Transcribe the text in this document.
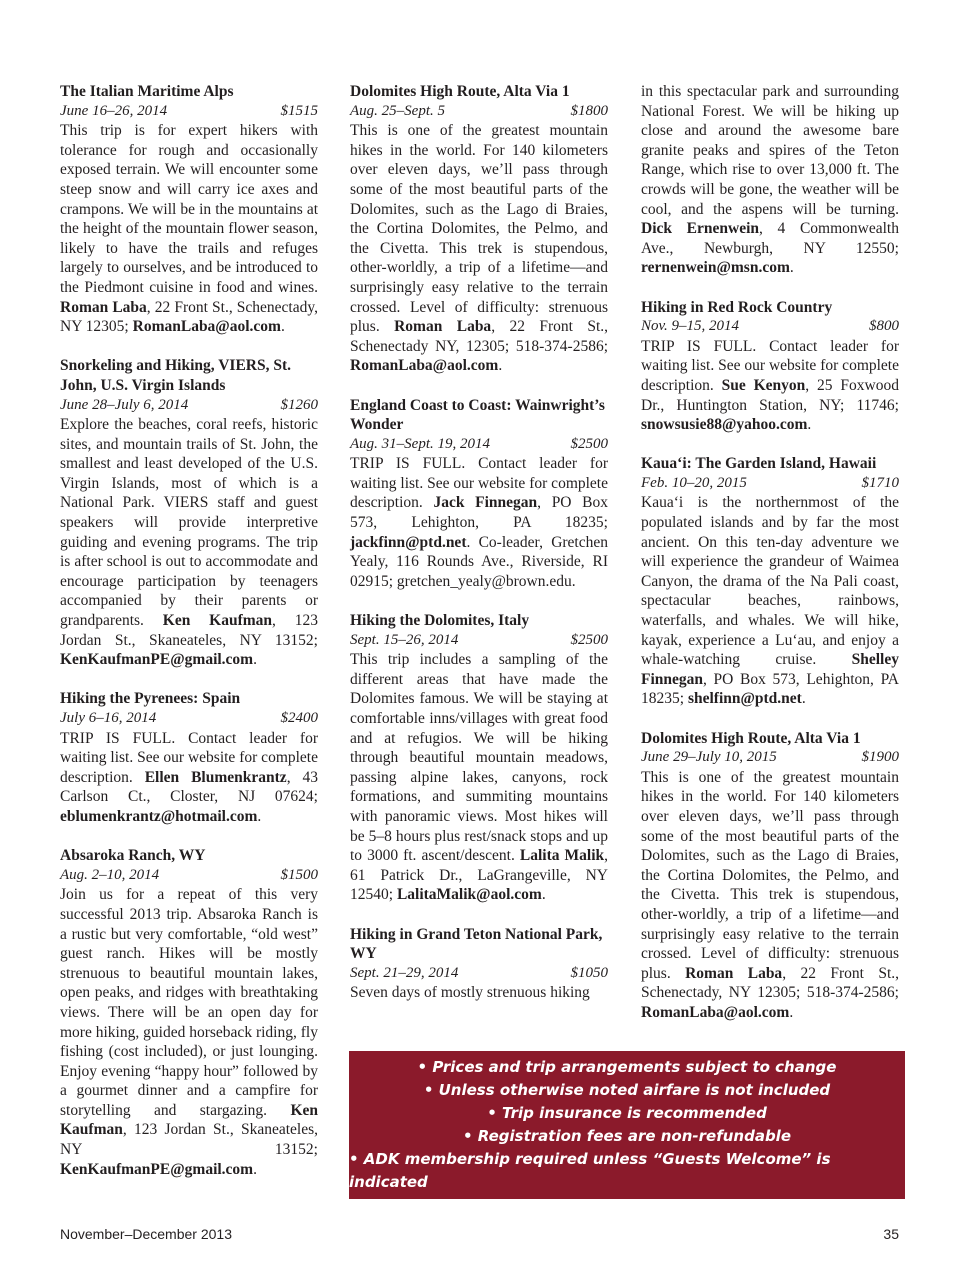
The Italian Maritime Alps
June 16–26, 2014	$1515
This trip is for expert hikers with tolerance for rough and occasionally exposed terrain. We will encounter some steep snow and will carry ice axes and crampons. We will be in the mountains at the height of the mountain flower season, likely to have the trails and refuges largely to ourselves, and be introduced to the Piedmont cuisine in food and wines. Roman Laba, 22 Front St., Schenectady, NY 12305; RomanLaba@aol.com.
Snorkeling and Hiking, VIERS, St. John, U.S. Virgin Islands
June 28–July 6, 2014	$1260
Explore the beaches, coral reefs, historic sites, and mountain trails of St. John, the smallest and least developed of the U.S. Virgin Islands, most of which is a National Park. VIERS staff and guest speakers will provide interpretive guiding and evening programs. The trip is after school is out to accommodate and encourage participation by teenagers accompanied by their parents or grandparents. Ken Kaufman, 123 Jordan St., Skaneateles, NY 13152; KenKaufmanPE@gmail.com.
Hiking the Pyrenees: Spain
July 6–16, 2014	$2400
TRIP IS FULL. Contact leader for waiting list. See our website for complete description. Ellen Blumenkrantz, 43 Carlson Ct., Closter, NJ 07624; eblumenkrantz@hotmail.com.
Absaroka Ranch, WY
Aug. 2–10, 2014	$1500
Join us for a repeat of this very successful 2013 trip. Absaroka Ranch is a rustic but very comfortable, “old west” guest ranch. Hikes will be mostly strenuous to beautiful mountain lakes, open peaks, and ridges with breathtaking views. There will be an open day for more hiking, guided horseback riding, fly fishing (cost included), or just lounging. Enjoy evening “happy hour” followed by a gourmet dinner and a campfire for storytelling and stargazing. Ken Kaufman, 123 Jordan St., Skaneateles, NY 13152; KenKaufmanPE@gmail.com.
Dolomites High Route, Alta Via 1
Aug. 25–Sept. 5	$1800
This is one of the greatest mountain hikes in the world. For 140 kilometers over eleven days, we’ll pass through some of the most beautiful parts of the Dolomites, such as the Lago di Braies, the Cortina Dolomites, the Pelmo, and the Civetta. This trek is stupendous, other-worldly, a trip of a lifetime—and surprisingly easy relative to the terrain crossed. Level of difficulty: strenuous plus. Roman Laba, 22 Front St., Schenectady NY, 12305; 518-374-2586; RomanLaba@aol.com.
England Coast to Coast: Wainwright’s Wonder
Aug. 31–Sept. 19, 2014	$2500
TRIP IS FULL. Contact leader for waiting list. See our website for complete description. Jack Finnegan, PO Box 573, Lehighton, PA 18235; jackfinn@ptd.net. Co-leader, Gretchen Yealy, 116 Rounds Ave., Riverside, RI 02915; gretchen_yealy@brown.edu.
Hiking the Dolomites, Italy
Sept. 15–26, 2014	$2500
This trip includes a sampling of the different areas that have made the Dolomites famous. We will be staying at comfortable inns/villages with great food and at refugios. We will be hiking through beautiful mountain meadows, passing alpine lakes, canyons, rock formations, and summiting mountains with panoramic views. Most hikes will be 5–8 hours plus rest/snack stops and up to 3000 ft. ascent/descent. Lalita Malik, 61 Patrick Dr., LaGrangeville, NY 12540; LalitaMalik@aol.com.
Hiking in Grand Teton National Park, WY
Sept. 21–29, 2014	$1050
Seven days of mostly strenuous hiking
in this spectacular park and surrounding National Forest. We will be hiking up close and around the awesome bare granite peaks and spires of the Teton Range, which rise to over 13,000 ft. The crowds will be gone, the weather will be cool, and the aspens will be turning. Dick Ernenwein, 4 Commonwealth Ave., Newburgh, NY 12550; rernenwein@msn.com.
Hiking in Red Rock Country
Nov. 9–15, 2014	$800
TRIP IS FULL. Contact leader for waiting list. See our website for complete description. Sue Kenyon, 25 Foxwood Dr., Huntington Station, NY; 11746; snowsusie88@yahoo.com.
Kaua‘i: The Garden Island, Hawaii
Feb. 10–20, 2015	$1710
Kaua‘i is the northernmost of the populated islands and by far the most ancient. On this ten-day adventure we will experience the grandeur of Waimea Canyon, the drama of the Na Pali coast, spectacular beaches, rainbows, waterfalls, and whales. We will hike, kayak, experience a Lu‘au, and enjoy a whale-watching cruise. Shelley Finnegan, PO Box 573, Lehighton, PA 18235; shelfinn@ptd.net.
Dolomites High Route, Alta Via 1
June 29–July 10, 2015	$1900
This is one of the greatest mountain hikes in the world. For 140 kilometers over eleven days, we’ll pass through some of the most beautiful parts of the Dolomites, such as the Lago di Braies, the Cortina Dolomites, the Pelmo, and the Civetta. This trek is stupendous, other-worldly, a trip of a lifetime—and surprisingly easy relative to the terrain crossed. Level of difficulty: strenuous plus. Roman Laba, 22 Front St., Schenectady, NY 12305; 518-374-2586; RomanLaba@aol.com.
• Prices and trip arrangements subject to change
• Unless otherwise noted airfare is not included
• Trip insurance is recommended
• Registration fees are non-refundable
• ADK membership required unless “Guests Welcome” is indicated
November–December 2013	35
